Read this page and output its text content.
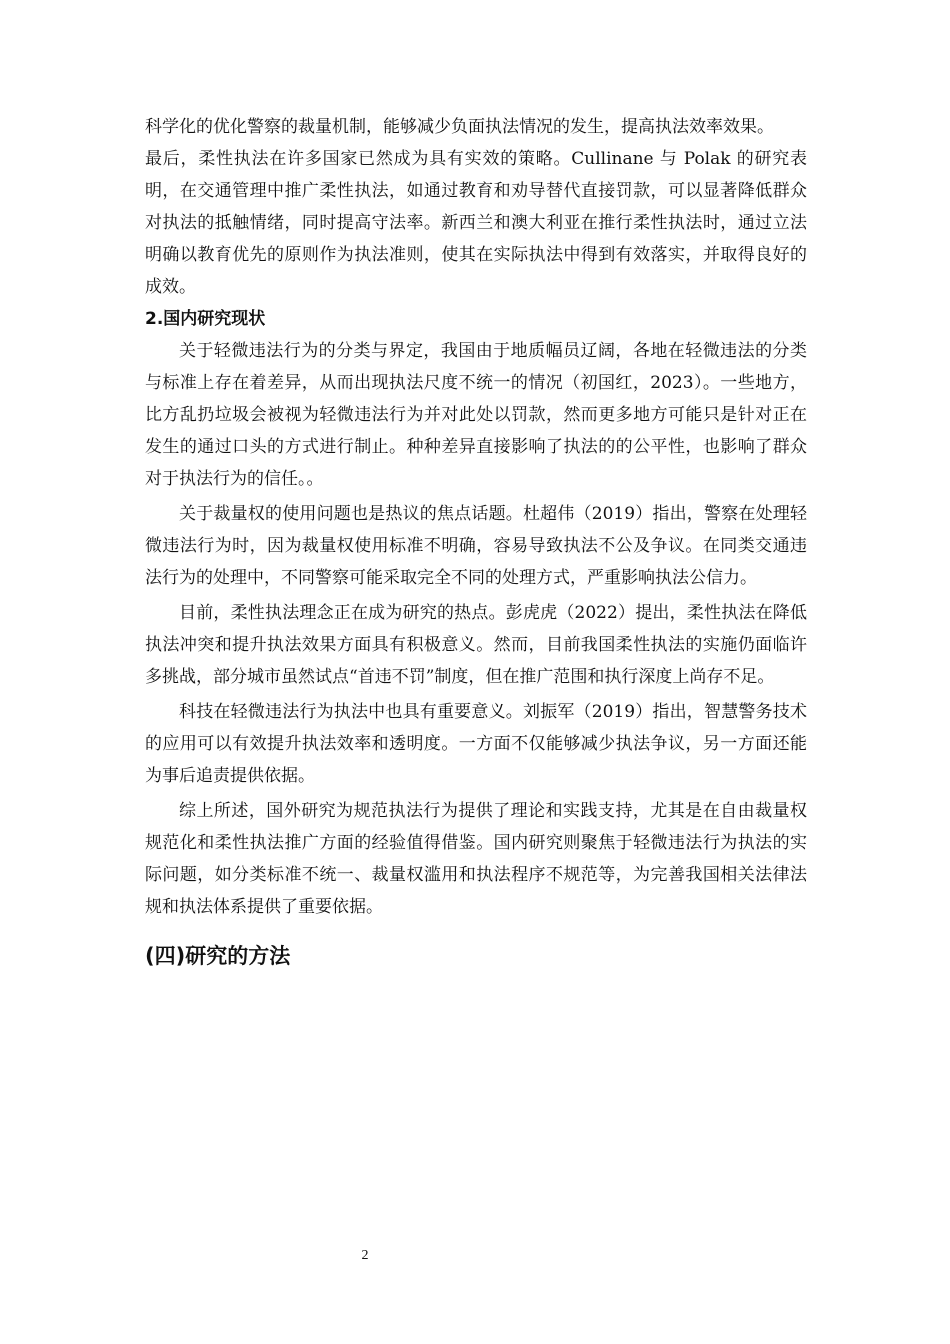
科学化的优化警察的裁量机制，能够减少负面执法情况的发生，提高执法效率效果。

最后，柔性执法在许多国家已然成为具有实效的策略。Cullinane 与 Polak 的研究表明，在交通管理中推广柔性执法，如通过教育和劝导替代直接罚款，可以显著降低群众对执法的抵触情绪，同时提高守法率。新西兰和澳大利亚在推行柔性执法时，通过立法明确以教育优先的原则作为执法准则，使其在实际执法中得到有效落实，并取得良好的成效。

2.国内研究现状

关于轻微违法行为的分类与界定，我国由于地质幅员辽阔，各地在轻微违法的分类与标准上存在着差异，从而出现执法尺度不统一的情况（初国红，2023）。一些地方，比方乱扔垃圾会被视为轻微违法行为并对此处以罚款，然而更多地方可能只是针对正在发生的通过口头的方式进行制止。种种差异直接影响了执法的的公平性，也影响了群众对于执法行为的信任。。

关于裁量权的使用问题也是热议的焦点话题。杜超伟（2019）指出，警察在处理轻微违法行为时，因为裁量权使用标准不明确，容易导致执法不公及争议。在同类交通违法行为的处理中，不同警察可能采取完全不同的处理方式，严重影响执法公信力。

目前，柔性执法理念正在成为研究的热点。彭虎虎（2022）提出，柔性执法在降低执法冲突和提升执法效果方面具有积极意义。然而，目前我国柔性执法的实施仍面临许多挑战，部分城市虽然试点“首违不罚”制度，但在推广范围和执行深度上尚存不足。

科技在轻微违法行为执法中也具有重要意义。刘振军（2019）指出，智慧警务技术的应用可以有效提升执法效率和透明度。一方面不仅能够减少执法争议，另一方面还能为事后追责提供依据。

综上所述，国外研究为规范执法行为提供了理论和实践支持，尤其是在自由裁量权规范化和柔性执法推广方面的经验值得借鉴。国内研究则聚焦于轻微违法行为执法的实际问题，如分类标准不统一、裁量权滥用和执法程序不规范等，为完善我国相关法律法规和执法体系提供了重要依据。

(四)研究的方法

2
